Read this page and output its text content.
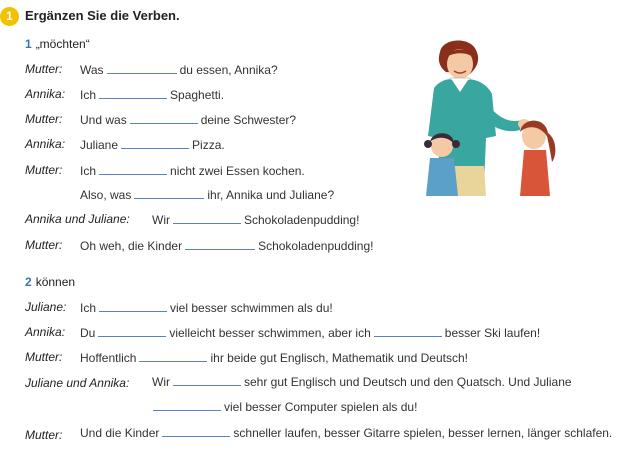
1 Ergänzen Sie die Verben.
1 „möchten“
Mutter: Was	du essen, Annika?
Annika: Ich	Spaghetti.
Mutter: Und was	deine Schwester?
Annika: Juliane	Pizza.
Mutter: Ich	nicht zwei Essen kochen.
Also, was	ihr, Annika und Juliane?
Annika und Juliane: Wir	Schokoladenpudding!
Mutter: Oh weh, die Kinder	Schokoladenpudding!
2 können
Juliane: Ich	viel besser schwimmen als du!
Annika: Du	vielleicht besser schwimmen, aber ich	besser Ski laufen!
Mutter: Hoffentlich	ihr beide gut Englisch, Mathematik und Deutsch!
Juliane und Annika: Wir	sehr gut Englisch und Deutsch und den Quatsch. Und Juliane
viel besser Computer spielen als du!
Mutter: Und die Kinder	schneller laufen, besser Gitarre spielen, besser lernen, länger schlafen.
